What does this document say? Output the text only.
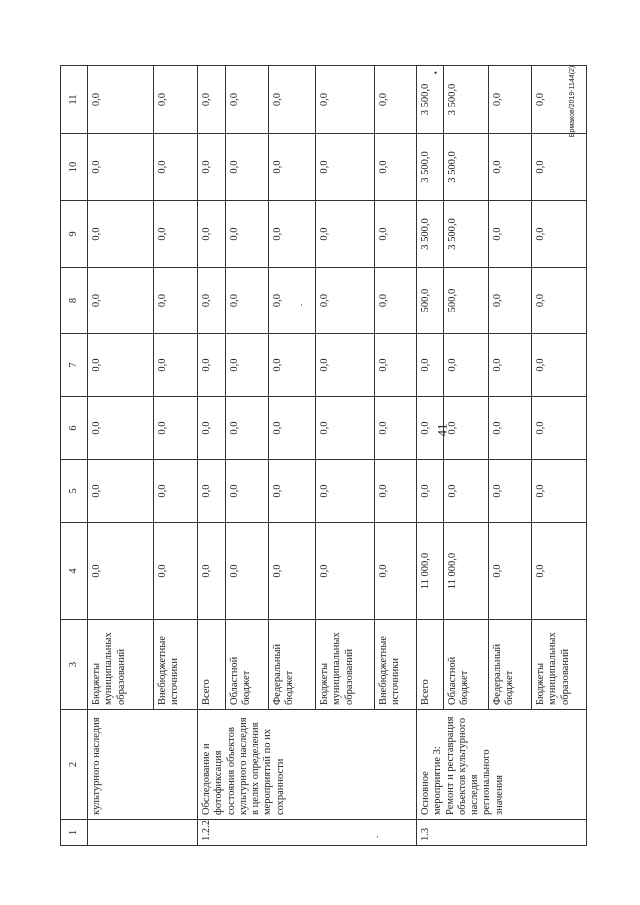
41
Ермаков/2019-1144(2)
1	2	3	4	5	6	7	8	9	10	11
	культурного наследия	Бюджеты муниципальных образований	0,0	0,0	0,0	0,0	0,0	0,0	0,0	0,0
		Внебюджетные источники	0,0	0,0	0,0	0,0	0,0	0,0	0,0	0,0
1.2.2	Обследование и фотофиксация состояния объектов культурного наследия в целях определения мероприятий по их сохранности	Всего	0,0	0,0	0,0	0,0	0,0	0,0	0,0	0,0
		Областной бюджет	0,0	0,0	0,0	0,0	0,0	0,0	0,0	0,0
		Федеральный бюджет	0,0	0,0	0,0	0,0	0,0	0,0	0,0	0,0
		Бюджеты муниципальных образований	0,0	0,0	0,0	0,0	0,0	0,0	0,0	0,0
		Внебюджетные источники	0,0	0,0	0,0	0,0	0,0	0,0	0,0	0,0
1.3	Основное мероприятие 3: Ремонт и реставрация объектов культурного наследия регионального значения	Всего	11 000,0	0,0	0,0	0,0	500,0	3 500,0	3 500,0	3 500,0
		Областной бюджет	11 000,0	0,0	0,0	0,0	500,0	3 500,0	3 500,0	3 500,0
		Федеральный бюджет	0,0	0,0	0,0	0,0	0,0	0,0	0,0	0,0
		Бюджеты муниципальных образований	0,0	0,0	0,0	0,0	0,0	0,0	0,0	0,0
·
•
·
